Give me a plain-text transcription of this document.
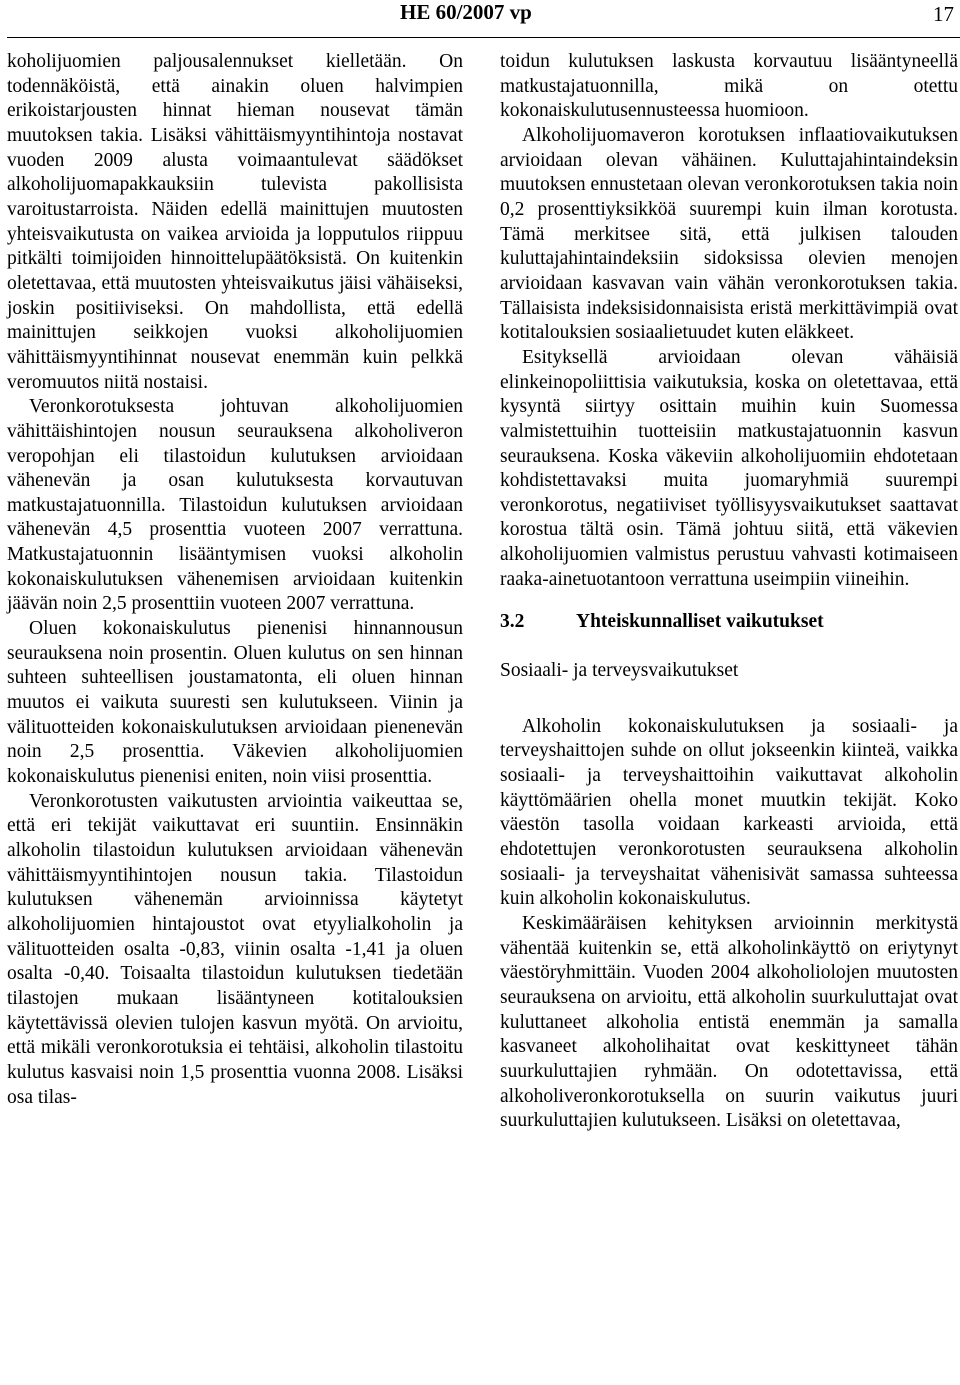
HE 60/2007 vp	17

koholijuomien paljousalennukset kielletään. On todennäköistä, että ainakin oluen halvimpien erikoistarjousten hinnat hieman nousevat tämän muutoksen takia. Lisäksi vähittäismyyntihintoja nostavat vuoden 2009 alusta voimaantulevat säädökset alkoholijuomapakkauksiin tulevista pakollisista varoitustarroista. Näiden edellä mainittujen muutosten yhteisvaikutusta on vaikea arvioida ja lopputulos riippuu pitkälti toimijoiden hinnoittelupäätöksistä. On kuitenkin oletettavaa, että muutosten yhteisvaikutus jäisi vähäiseksi, joskin positiiviseksi. On mahdollista, että edellä mainittujen seikkojen vuoksi alkoholijuomien vähittäismyyntihinnat nousevat enemmän kuin pelkkä veromuutos niitä nostaisi.

Veronkorotuksesta johtuvan alkoholijuomien vähittäishintojen nousun seurauksena alkoholiveron veropohjan eli tilastoidun kulutuksen arvioidaan vähenevän ja osan kulutuksesta korvautuvan matkustajatuonnilla. Tilastoidun kulutuksen arvioidaan vähenevän 4,5 prosenttia vuoteen 2007 verrattuna. Matkustajatuonnin lisääntymisen vuoksi alkoholin kokonaiskulutuksen vähenemisen arvioidaan kuitenkin jäävän noin 2,5 prosenttiin vuoteen 2007 verrattuna.

Oluen kokonaiskulutus pienenisi hinnannousun seurauksena noin prosentin. Oluen kulutus on sen hinnan suhteen suhteellisen joustamatonta, eli oluen hinnan muutos ei vaikuta suuresti sen kulutukseen. Viinin ja välituotteiden kokonaiskulutuksen arvioidaan pienenevän noin 2,5 prosenttia. Väkevien alkoholijuomien kokonaiskulutus pienenisi eniten, noin viisi prosenttia.

Veronkorotusten vaikutusten arviointia vaikeuttaa se, että eri tekijät vaikuttavat eri suuntiin. Ensinnäkin alkoholin tilastoidun kulutuksen arvioidaan vähenevän vähittäismyyntihintojen nousun takia. Tilastoidun kulutuksen vähenemän arvioinnissa käytetyt alkoholijuomien hintajoustot ovat etyylialkoholin ja välituotteiden osalta -0,83, viinin osalta -1,41 ja oluen osalta -0,40. Toisaalta tilastoidun kulutuksen tiedetään tilastojen mukaan lisääntyneen kotitalouksien käytettävissä olevien tulojen kasvun myötä. On arvioitu, että mikäli veronkorotuksia ei tehtäisi, alkoholin tilastoitu kulutus kasvaisi noin 1,5 prosenttia vuonna 2008. Lisäksi osa tilas-

toidun kulutuksen laskusta korvautuu lisääntyneellä matkustajatuonnilla, mikä on otettu kokonaiskulutusennusteessa huomioon.

Alkoholijuomaveron korotuksen inflaatiovaikutuksen arvioidaan olevan vähäinen. Kuluttajahintaindeksin muutoksen ennustetaan olevan veronkorotuksen takia noin 0,2 prosenttiyksikköä suurempi kuin ilman korotusta. Tämä merkitsee sitä, että julkisen talouden kuluttajahintaindeksiin sidoksissa olevien menojen arvioidaan kasvavan vain vähän veronkorotuksen takia. Tällaisista indeksisidonnaisista eristä merkittävimpiä ovat kotitalouksien sosiaalietuudet kuten eläkkeet.

Esityksellä arvioidaan olevan vähäisiä elinkeinopoliittisia vaikutuksia, koska on oletettavaa, että kysyntä siirtyy osittain muihin kuin Suomessa valmistettuihin tuotteisiin matkustajatuonnin kasvun seurauksena. Koska väkeviin alkoholijuomiin ehdotetaan kohdistettavaksi muita juomaryhmiä suurempi veronkorotus, negatiiviset työllisyysvaikutukset saattavat korostua tältä osin. Tämä johtuu siitä, että väkevien alkoholijuomien valmistus perustuu vahvasti kotimaiseen raaka-ainetuotantoon verrattuna useimpiin viineihin.

3.2	Yhteiskunnalliset vaikutukset

Sosiaali- ja terveysvaikutukset

Alkoholin kokonaiskulutuksen ja sosiaali- ja terveyshaittojen suhde on ollut jokseenkin kiinteä, vaikka sosiaali- ja terveyshaittoihin vaikuttavat alkoholin käyttömäärien ohella monet muutkin tekijät. Koko väestön tasolla voidaan karkeasti arvioida, että ehdotettujen veronkorotusten seurauksena alkoholin sosiaali- ja terveyshaitat vähenisivät samassa suhteessa kuin alkoholin kokonaiskulutus.

Keskimääräisen kehityksen arvioinnin merkitystä vähentää kuitenkin se, että alkoholinkäyttö on eriytynyt väestöryhmittäin. Vuoden 2004 alkoholiolojen muutosten seurauksena on arvioitu, että alkoholin suurkuluttajat ovat kuluttaneet alkoholia entistä enemmän ja samalla kasvaneet alkoholihaitat ovat keskittyneet tähän suurkuluttajien ryhmään. On odotettavissa, että alkoholiveronkorotuksella on suurin vaikutus juuri suurkuluttajien kulutukseen. Lisäksi on oletettavaa,
